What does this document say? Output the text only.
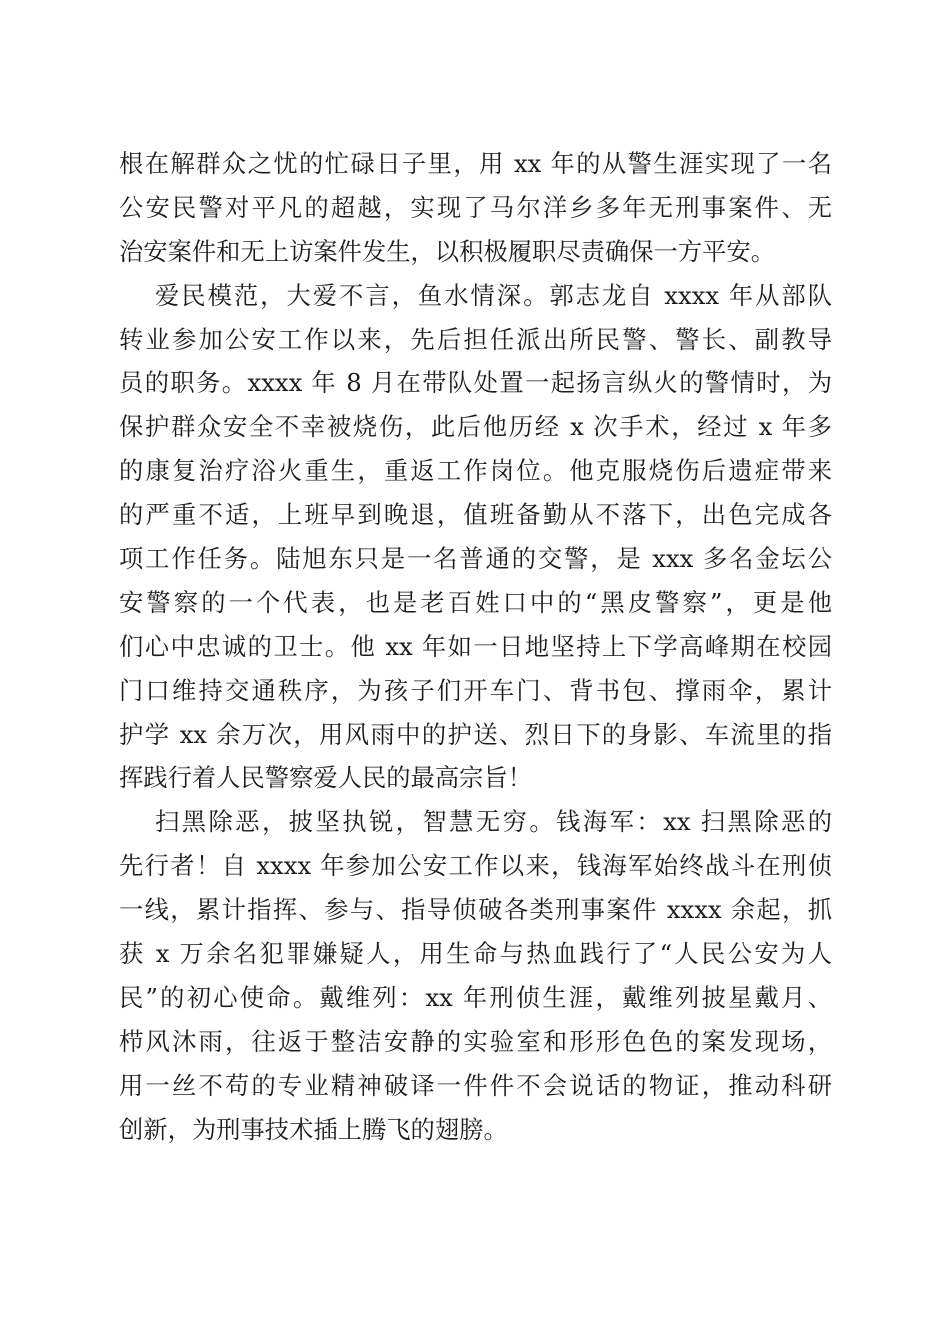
根在解群众之忧的忙碌日子里，用 xx 年的从警生涯实现了一名
公安民警对平凡的超越，实现了马尔洋乡多年无刑事案件、无
治安案件和无上访案件发生，以积极履职尽责确保一方平安。
爱民模范，大爱不言，鱼水情深。郭志龙自 xxxx 年从部队
转业参加公安工作以来，先后担任派出所民警、警长、副教导
员的职务。xxxx 年 8 月在带队处置一起扬言纵火的警情时，为
保护群众安全不幸被烧伤，此后他历经 x 次手术，经过 x 年多
的康复治疗浴火重生，重返工作岗位。他克服烧伤后遗症带来
的严重不适，上班早到晚退，值班备勤从不落下，出色完成各
项工作任务。陆旭东只是一名普通的交警，是 xxx 多名金坛公
安警察的一个代表，也是老百姓口中的“黑皮警察”，更是他
们心中忠诚的卫士。他 xx 年如一日地坚持上下学高峰期在校园
门口维持交通秩序，为孩子们开车门、背书包、撑雨伞，累计
护学 xx 余万次，用风雨中的护送、烈日下的身影、车流里的指
挥践行着人民警察爱人民的最高宗旨！
扫黑除恶，披坚执锐，智慧无穷。钱海军：xx 扫黑除恶的
先行者！自 xxxx 年参加公安工作以来，钱海军始终战斗在刑侦
一线，累计指挥、参与、指导侦破各类刑事案件 xxxx 余起，抓
获 x 万余名犯罪嫌疑人，用生命与热血践行了“人民公安为人
民”的初心使命。戴维列：xx 年刑侦生涯，戴维列披星戴月、
栉风沐雨，往返于整洁安静的实验室和形形色色的案发现场，
用一丝不苟的专业精神破译一件件不会说话的物证，推动科研
创新，为刑事技术插上腾飞的翅膀。
